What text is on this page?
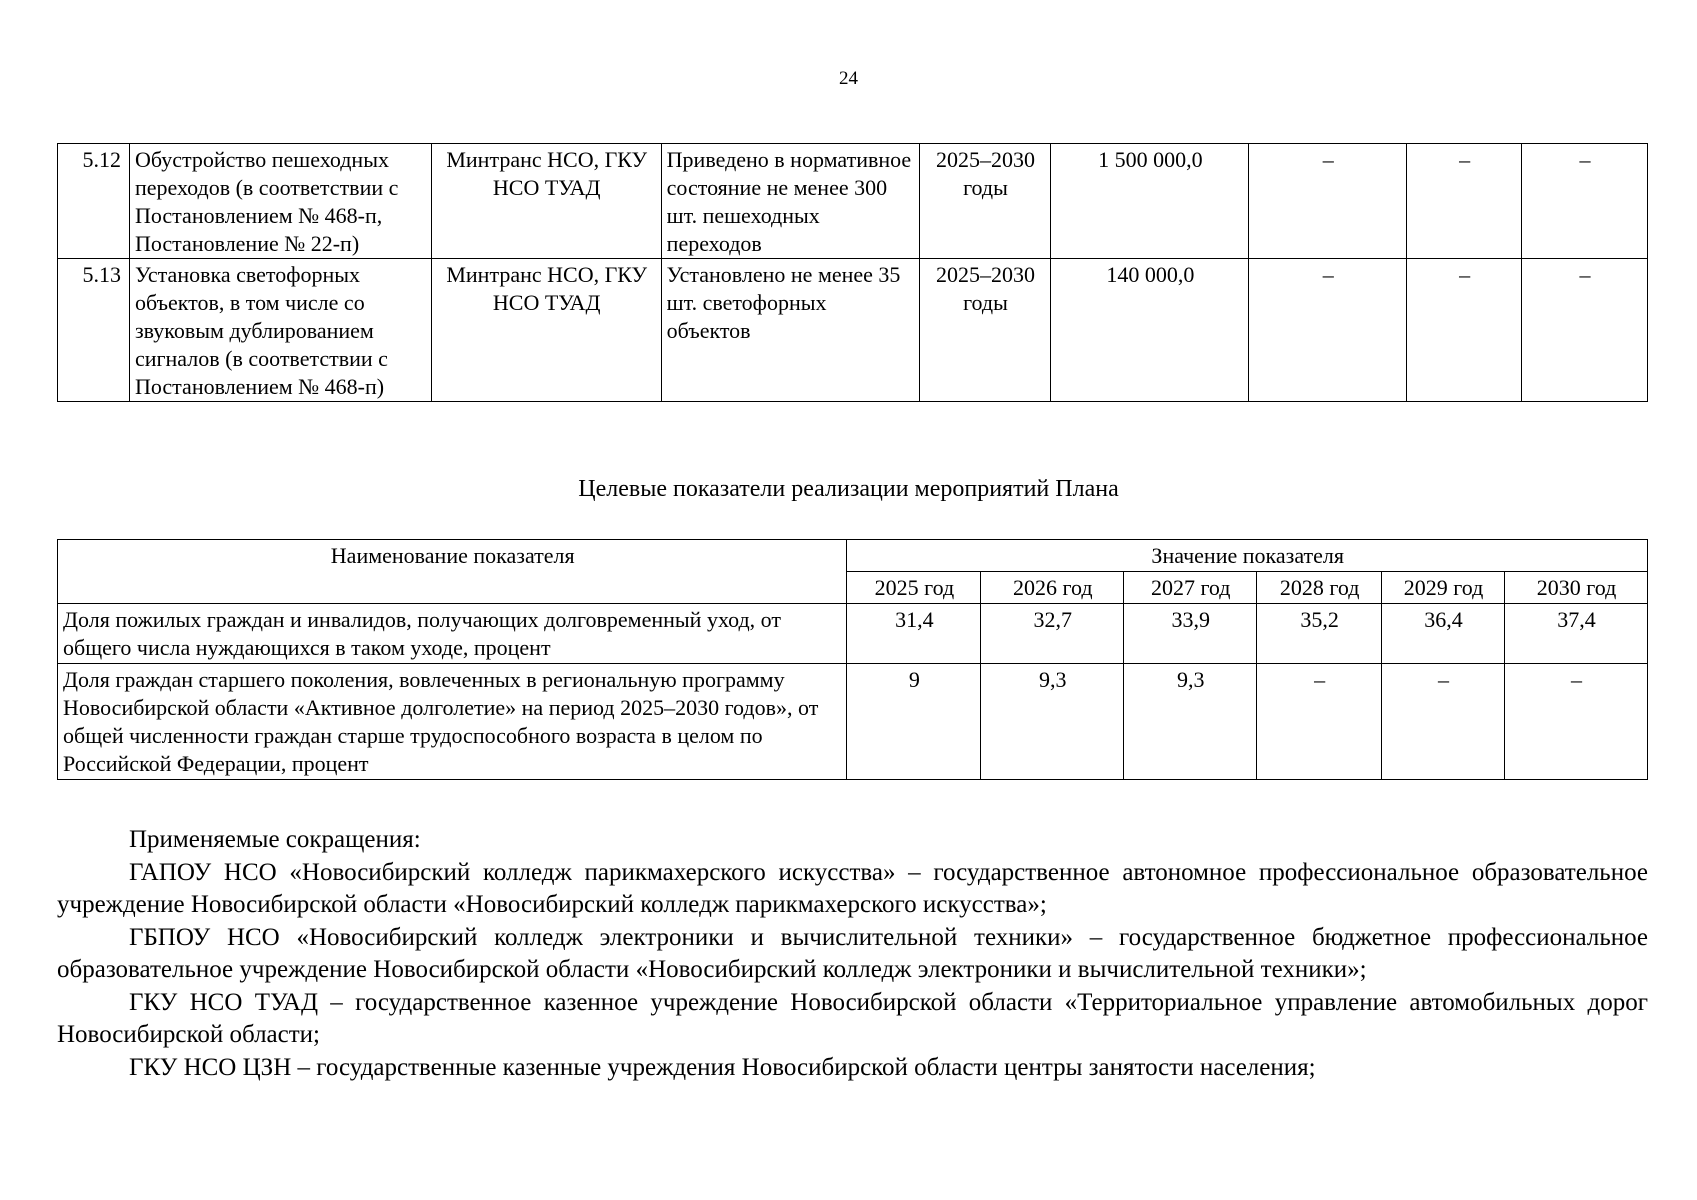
24
5.12	Обустройство пешеходных переходов (в соответствии с Постановлением № 468-п, Постановление № 22-п)	Минтранс НСО, ГКУ НСО ТУАД	Приведено в нормативное состояние не менее 300 шт. пешеходных переходов	2025–2030 годы	1 500 000,0	–	–	–
5.13	Установка светофорных объектов, в том числе со звуковым дублированием сигналов (в соответствии с Постановлением № 468-п)	Минтранс НСО, ГКУ НСО ТУАД	Установлено не менее 35 шт. светофорных объектов	2025–2030 годы	140 000,0	–	–	–
Целевые показатели реализации мероприятий Плана
Наименование показателя	Значение показателя					
	2025 год	2026 год	2027 год	2028 год	2029 год	2030 год
Доля пожилых граждан и инвалидов, получающих долговременный уход, от общего числа нуждающихся в таком уходе, процент	31,4	32,7	33,9	35,2	36,4	37,4
Доля граждан старшего поколения, вовлеченных в региональную программу Новосибирской области «Активное долголетие» на период 2025–2030 годов», от общей численности граждан старше трудоспособного возраста в целом по Российской Федерации, процент	9	9,3	9,3	–	–	–

Применяемые сокращения:

ГАПОУ НСО «Новосибирский колледж парикмахерского искусства» – государственное автономное профессиональное образовательное учреждение Новосибирской области «Новосибирский колледж парикмахерского искусства»;

ГБПОУ НСО «Новосибирский колледж электроники и вычислительной техники» – государственное бюджетное профессиональное образовательное учреждение Новосибирской области «Новосибирский колледж электроники и вычислительной техники»;

ГКУ НСО ТУАД – государственное казенное учреждение Новосибирской области «Территориальное управление автомобильных дорог Новосибирской области;

ГКУ НСО ЦЗН – государственные казенные учреждения Новосибирской области центры занятости населения;
